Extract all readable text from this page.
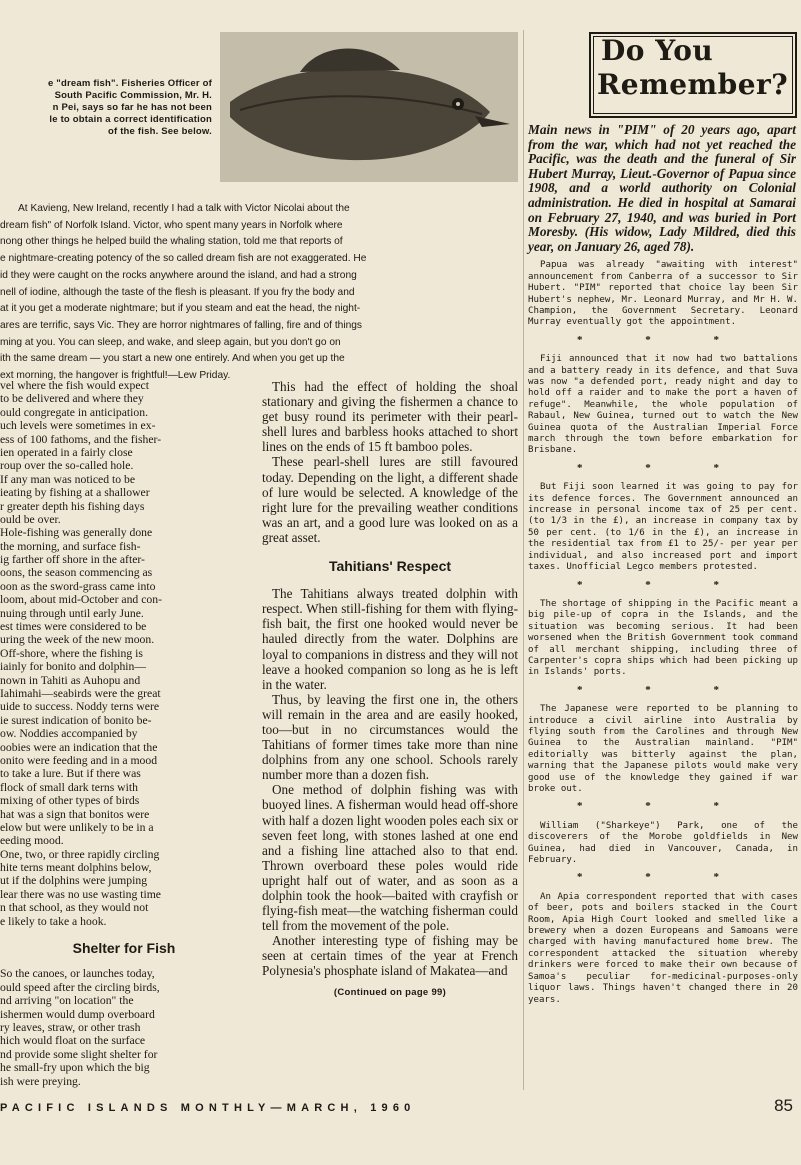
e "dream fish". Fisheries Officer of
South Pacific Commission, Mr. H.
n Pei, says so far he has not been
le to obtain a correct identification
of the fish. See below.
At Kavieng, New Ireland, recently I had a talk with Victor Nicolai about the
dream fish" of Norfolk Island. Victor, who spent many years in Norfolk where
nong other things he helped build the whaling station, told me that reports of
e nightmare-creating potency of the so called dream fish are not exaggerated. He
id they were caught on the rocks anywhere around the island, and had a strong
nell of iodine, although the taste of the flesh is pleasant. If you fry the body and
at it you get a moderate nightmare; but if you steam and eat the head, the night-
ares are terrific, says Vic. They are horror nightmares of falling, fire and of things
ming at you. You can sleep, and wake, and sleep again, but you don't go on
ith the same dream — you start a new one entirely. And when you get up the
ext morning, the hangover is frightful!—Lew Priday.
vel where the fish would expect
to be delivered and where they
ould congregate in anticipation.
uch levels were sometimes in ex-
ess of 100 fathoms, and the fisher-
ien operated in a fairly close
roup over the so-called hole.
If any man was noticed to be
ieating by fishing at a shallower
r greater depth his fishing days
ould be over.
Hole-fishing was generally done
the morning, and surface fish-
ig farther off shore in the after-
oons, the season commencing as
oon as the sword-grass came into
loom, about mid-October and con-
nuing through until early June.
est times were considered to be
uring the week of the new moon.
Off-shore, where the fishing is
iainly for bonito and dolphin—
nown in Tahiti as Auhopu and
Iahimahi—seabirds were the great
uide to success. Noddy terns were
ie surest indication of bonito be-
ow. Noddies accompanied by
oobies were an indication that the
onito were feeding and in a mood
to take a lure. But if there was
flock of small dark terns with
mixing of other types of birds
hat was a sign that bonitos were
elow but were unlikely to be in a
eeding mood.
One, two, or three rapidly circling
hite terns meant dolphins below,
ut if the dolphins were jumping
lear there was no use wasting time
n that school, as they would not
e likely to take a hook.
Shelter for Fish
So the canoes, or launches today,
ould speed after the circling birds,
nd arriving "on location" the
ishermen would dump overboard
ry leaves, straw, or other trash
hich would float on the surface
nd provide some slight shelter for
he small-fry upon which the big
ish were preying.

This had the effect of holding the shoal stationary and giving the fishermen a chance to get busy round its perimeter with their pearl-shell lures and barbless hooks attached to short lines on the ends of 15 ft bamboo poles.

These pearl-shell lures are still favoured today. Depending on the light, a different shade of lure would be selected. A knowledge of the right lure for the prevailing weather conditions was an art, and a good lure was looked on as a great asset.

Tahitians' Respect

The Tahitians always treated dolphin with respect. When still-fishing for them with flying-fish bait, the first one hooked would never be hauled directly from the water. Dolphins are loyal to companions in distress and they will not leave a hooked companion so long as he is left in the water.

Thus, by leaving the first one in, the others will remain in the area and are easily hooked, too—but in no circumstances would the Tahitians of former times take more than nine dolphins from any one school. Schools rarely number more than a dozen fish.

One method of dolphin fishing was with buoyed lines. A fisherman would head off-shore with half a dozen light wooden poles each six or seven feet long, with stones lashed at one end and a fishing line attached also to that end. Thrown overboard these poles would ride upright half out of water, and as soon as a dolphin took the hook—baited with crayfish or flying-fish meat—the watching fisherman could tell from the movement of the pole.

Another interesting type of fishing may be seen at certain times of the year at French Polynesia's phosphate island of Makatea—and

(Continued on page 99)
Do You
Remember?
Main news in "PIM" of 20 years ago, apart from the war, which had not yet reached the Pacific, was the death and the funeral of Sir Hubert Murray, Lieut.-Governor of Papua since 1908, and a world authority on Colonial administration. He died in hospital at Samarai on February 27, 1940, and was buried in Port Moresby. (His widow, Lady Mildred, died this year, on January 26, aged 78).

Papua was already "awaiting with interest" announcement from Canberra of a successor to Sir Hubert. "PIM" reported that choice lay been Sir Hubert's nephew, Mr. Leonard Murray, and Mr H. W. Champion, the Government Secretary. Leonard Murray eventually got the appointment.

* * *

Fiji announced that it now had two battalions and a battery ready in its defence, and that Suva was now "a defended port, ready night and day to hold off a raider and to make the port a haven of refuge". Meanwhile, the whole population of Rabaul, New Guinea, turned out to watch the New Guinea quota of the Australian Imperial Force march through the town before embarkation for Brisbane.

* * *

But Fiji soon learned it was going to pay for its defence forces. The Government announced an increase in personal income tax of 25 per cent. (to 1/3 in the £), an increase in company tax by 50 per cent. (to 1/6 in the £), an increase in the residential tax from £1 to 25/- per year per individual, and also increased port and import taxes. Unofficial Legco members protested.

* * *

The shortage of shipping in the Pacific meant a big pile-up of copra in the Islands, and the situation was becoming serious. It had been worsened when the British Government took command of all merchant shipping, including three of Carpenter's copra ships which had been picking up in Islands' ports.

* * *

The Japanese were reported to be planning to introduce a civil airline into Australia by flying south from the Carolines and through New Guinea to the Australian mainland. "PIM" editorially was bitterly against the plan, warning that the Japanese pilots would make very good use of the knowledge they gained if war broke out.

* * *

William ("Sharkeye") Park, one of the discoverers of the Morobe goldfields in New Guinea, had died in Vancouver, Canada, in February.

* * *

An Apia correspondent reported that with cases of beer, pots and boilers stacked in the Court Room, Apia High Court looked and smelled like a brewery when a dozen Europeans and Samoans were charged with having manufactured home brew. The correspondent attacked the situation whereby drinkers were forced to make their own because of Samoa's peculiar for-medicinal-purposes-only liquor laws. Things haven't changed there in 20 years.

PACIFIC ISLANDS MONTHLY—MARCH, 1960	85
